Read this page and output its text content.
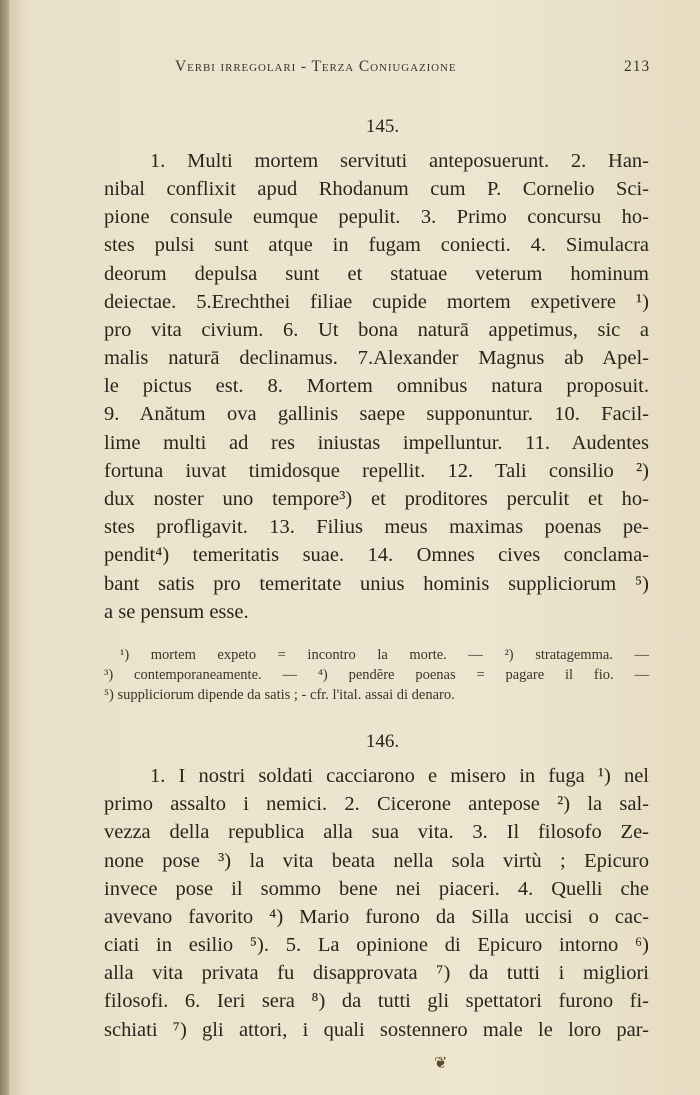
Verbi irregolari - Terza Coniugazione	213
145.
1. Multi mortem servituti anteposuerunt. 2. Han-
nibal conflixit apud Rhodanum cum P. Cornelio Sci-
pione consule eumque pepulit. 3. Primo concursu ho-
stes pulsi sunt atque in fugam coniecti. 4. Simulacra
deorum depulsa sunt et statuae veterum hominum
deiectae. 5.Erechthei filiae cupide mortem expetivere ¹)
pro vita civium. 6. Ut bona naturā appetimus, sic a
malis naturā declinamus. 7.Alexander Magnus ab Apel-
le pictus est. 8. Mortem omnibus natura proposuit.
9. Anătum ova gallinis saepe supponuntur. 10. Facil-
lime multi ad res iniustas impelluntur. 11. Audentes
fortuna iuvat timidosque repellit. 12. Tali consilio ²)
dux noster uno tempore³) et proditores perculit et ho-
stes profligavit. 13. Filius meus maximas poenas pe-
pendit⁴) temeritatis suae. 14. Omnes cives conclama-
bant satis pro temeritate unius hominis suppliciorum ⁵)
a se pensum esse.
¹) mortem expeto = incontro la morte. — ²) stratagemma. —
³) contemporaneamente. — ⁴) pendĕre poenas = pagare il fio. —
⁵) suppliciorum dipende da satis ; - cfr. l'ital. assai di denaro.
146.
1. I nostri soldati cacciarono e misero in fuga ¹) nel
primo assalto i nemici. 2. Cicerone antepose ²) la sal-
vezza della republica alla sua vita. 3. Il filosofo Ze-
none pose ³) la vita beata nella sola virtù ; Epicuro
invece pose il sommo bene nei piaceri. 4. Quelli che
avevano favorito ⁴) Mario furono da Silla uccisi o cac-
ciati in esilio ⁵). 5. La opinione di Epicuro intorno ⁶)
alla vita privata fu disapprovata ⁷) da tutti i migliori
filosofi. 6. Ieri sera ⁸) da tutti gli spettatori furono fi-
schiati ⁷) gli attori, i quali sostennero male le loro par-
❦
